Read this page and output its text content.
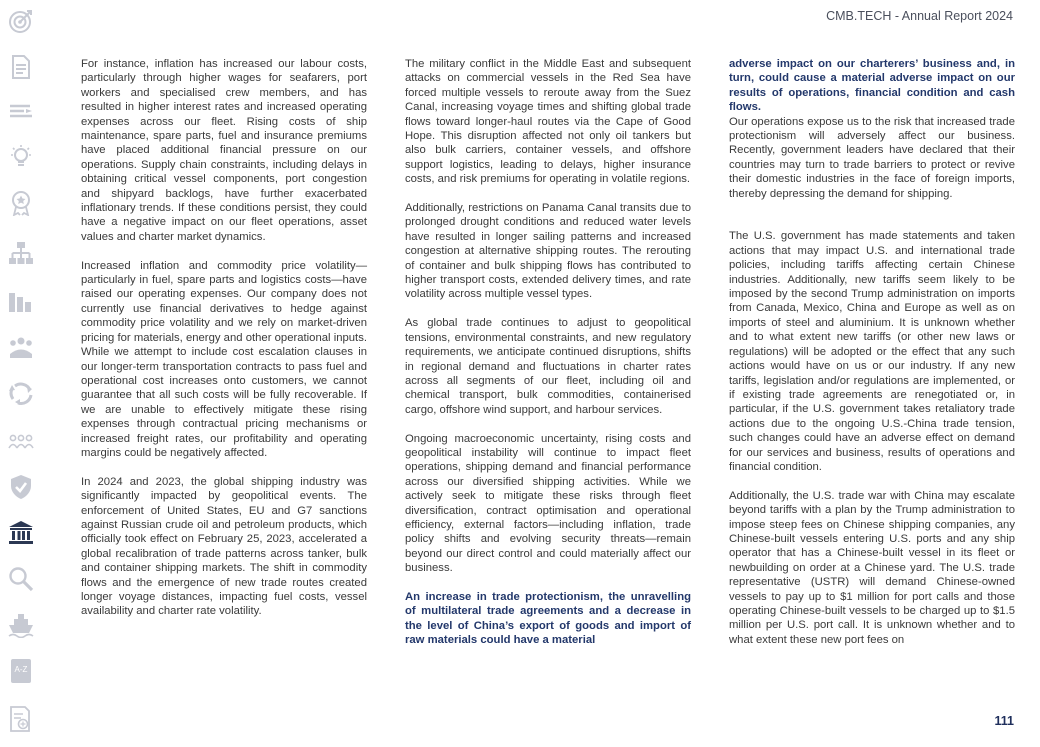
CMB.TECH - Annual Report 2024
A-Z

For instance, inflation has increased our labour costs, particularly through higher wages for seafarers, port workers and specialised crew members, and has resulted in higher interest rates and increased operating expenses across our fleet. Rising costs of ship maintenance, spare parts, fuel and insurance premiums have placed additional financial pressure on our operations. Supply chain constraints, including delays in obtaining critical vessel components, port congestion and shipyard backlogs, have further exacerbated inflationary trends. If these conditions persist, they could have a negative impact on our fleet operations, asset values and charter market dynamics.

Increased inflation and commodity price volatility—particularly in fuel, spare parts and logistics costs—have raised our operating expenses. Our company does not currently use financial derivatives to hedge against commodity price volatility and we rely on market-driven pricing for materials, energy and other operational inputs. While we attempt to include cost escalation clauses in our longer-term transportation contracts to pass fuel and operational cost increases onto customers, we cannot guarantee that all such costs will be fully recoverable. If we are unable to effectively mitigate these rising expenses through contractual pricing mechanisms or increased freight rates, our profitability and operating margins could be negatively affected.

In 2024 and 2023, the global shipping industry was significantly impacted by geopolitical events. The enforcement of United States, EU and G7 sanctions against Russian crude oil and petroleum products, which officially took effect on February 25, 2023, accelerated a global recalibration of trade patterns across tanker, bulk and container shipping markets. The shift in commodity flows and the emergence of new trade routes created longer voyage distances, impacting fuel costs, vessel availability and charter rate volatility.

The military conflict in the Middle East and subsequent attacks on commercial vessels in the Red Sea have forced multiple vessels to reroute away from the Suez Canal, increasing voyage times and shifting global trade flows toward longer-haul routes via the Cape of Good Hope. This disruption affected not only oil tankers but also bulk carriers, container vessels, and offshore support logistics, leading to delays, higher insurance costs, and risk premiums for operating in volatile regions.

Additionally, restrictions on Panama Canal transits due to prolonged drought conditions and reduced water levels have resulted in longer sailing patterns and increased congestion at alternative shipping routes. The rerouting of container and bulk shipping flows has contributed to higher transport costs, extended delivery times, and rate volatility across multiple vessel types.

As global trade continues to adjust to geopolitical tensions, environmental constraints, and new regulatory requirements, we anticipate continued disruptions, shifts in regional demand and fluctuations in charter rates across all segments of our fleet, including oil and chemical transport, bulk commodities, containerised cargo, offshore wind support, and harbour services.

Ongoing macroeconomic uncertainty, rising costs and geopolitical instability will continue to impact fleet operations, shipping demand and financial performance across our diversified shipping activities. While we actively seek to mitigate these risks through fleet diversification, contract optimisation and operational efficiency, external factors—including inflation, trade policy shifts and evolving security threats—remain beyond our direct control and could materially affect our business.

An increase in trade protectionism, the unravelling of multilateral trade agreements and a decrease in the level of China’s export of goods and import of raw materials could have a material

adverse impact on our charterers’ business and, in turn, could cause a material adverse impact on our results of operations, financial condition and cash flows.

Our operations expose us to the risk that increased trade protectionism will adversely affect our business. Recently, government leaders have declared that their countries may turn to trade barriers to protect or revive their domestic industries in the face of foreign imports, thereby depressing the demand for shipping.

The U.S. government has made statements and taken actions that may impact U.S. and international trade policies, including tariffs affecting certain Chinese industries. Additionally, new tariffs seem likely to be imposed by the second Trump administration on imports from Canada, Mexico, China and Europe as well as on imports of steel and aluminium. It is unknown whether and to what extent new tariffs (or other new laws or regulations) will be adopted or the effect that any such actions would have on us or our industry. If any new tariffs, legislation and/or regulations are implemented, or if existing trade agreements are renegotiated or, in particular, if the U.S. government takes retaliatory trade actions due to the ongoing U.S.-China trade tension, such changes could have an adverse effect on demand for our services and business, results of operations and financial condition.

Additionally, the U.S. trade war with China may escalate beyond tariffs with a plan by the Trump administration to impose steep fees on Chinese shipping companies, any Chinese-built vessels entering U.S. ports and any ship operator that has a Chinese-built vessel in its fleet or newbuilding on order at a Chinese yard. The U.S. trade representative (USTR) will demand Chinese-owned vessels to pay up to $1 million for port calls and those operating Chinese-built vessels to be charged up to $1.5 million per U.S. port call. It is unknown whether and to what extent these new port fees on

111
